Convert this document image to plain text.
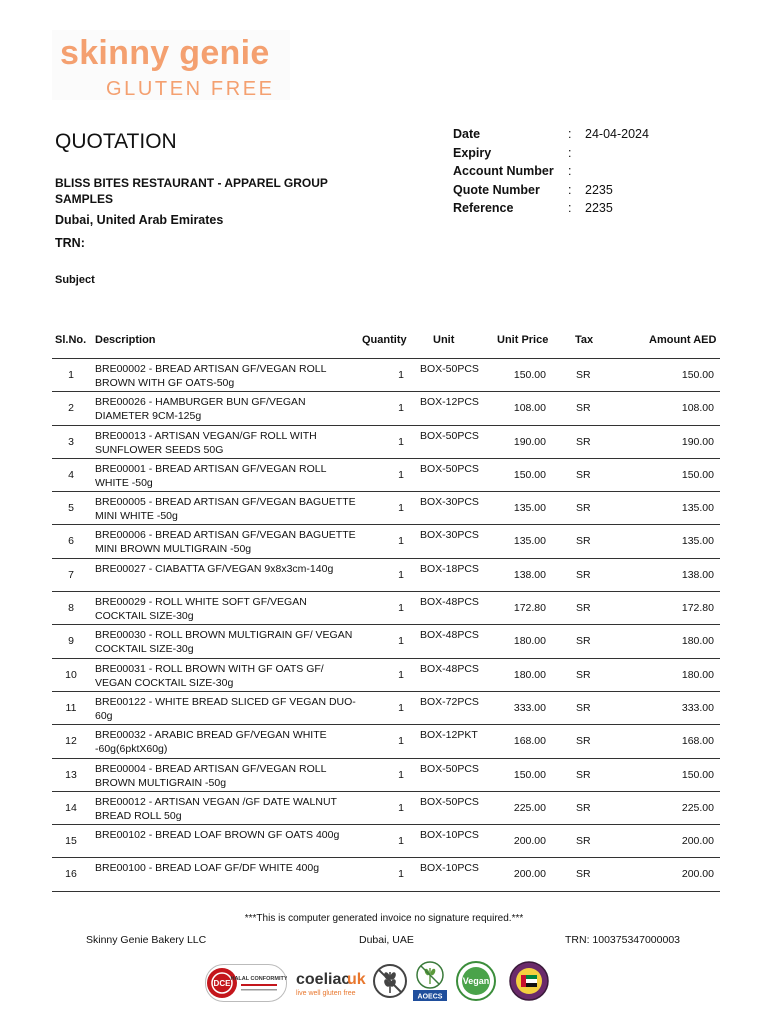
skinny genie
GLUTEN FREE
QUOTATION
BLISS BITES RESTAURANT - APPAREL GROUP SAMPLES
Dubai, United Arab Emirates
TRN:
Subject
Date	: 24-04-2024
Expiry	:
Account Number :
Quote Number : 2235
Reference	: 2235
Sl.No. Description	Quantity Unit	Unit Price Tax	Amount AED
1	BRE00002 - BREAD ARTISAN GF/VEGAN ROLL BROWN WITH GF OATS-50g
1 BOX-50PCS	150.00	SR	150.00
2	BRE00026 - HAMBURGER BUN GF/VEGAN DIAMETER 9CM-125g
1 BOX-12PCS	108.00	SR	108.00
3	BRE00013 - ARTISAN VEGAN/GF ROLL WITH SUNFLOWER SEEDS 50G
1 BOX-50PCS	190.00	SR	190.00
4	BRE00001 - BREAD ARTISAN GF/VEGAN ROLL WHITE -50g
1 BOX-50PCS	150.00	SR	150.00
5	BRE00005 - BREAD ARTISAN GF/VEGAN BAGUETTE MINI WHITE -50g
1 BOX-30PCS	135.00	SR	135.00
6	BRE00006 - BREAD ARTISAN GF/VEGAN BAGUETTE MINI BROWN MULTIGRAIN -50g
1 BOX-30PCS	135.00	SR	135.00
7	BRE00027 - CIABATTA GF/VEGAN 9x8x3cm-140g	1 BOX-18PCS	138.00	SR	138.00
8	BRE00029 - ROLL WHITE SOFT GF/VEGAN COCKTAIL SIZE-30g
1 BOX-48PCS	172.80	SR	172.80
9	BRE00030 - ROLL BROWN MULTIGRAIN GF/ VEGAN COCKTAIL SIZE-30g
1 BOX-48PCS	180.00	SR	180.00
10	BRE00031 - ROLL BROWN WITH GF OATS GF/ VEGAN COCKTAIL SIZE-30g
1 BOX-48PCS	180.00	SR	180.00
11	BRE00122 - WHITE BREAD SLICED GF VEGAN DUO- 60g
1 BOX-72PCS	333.00	SR	333.00
12	BRE00032 - ARABIC BREAD GF/VEGAN WHITE -60g(6pktX60g)
1 BOX-12PKT	168.00	SR	168.00
13	BRE00004 - BREAD ARTISAN GF/VEGAN ROLL BROWN MULTIGRAIN -50g
1 BOX-50PCS	150.00	SR	150.00
14	BRE00012 - ARTISAN VEGAN /GF DATE WALNUT BREAD ROLL 50g
1 BOX-50PCS	225.00	SR	225.00
15	BRE00102 - BREAD LOAF BROWN GF OATS 400g	1 BOX-10PCS	200.00	SR	200.00
16	BRE00100 - BREAD LOAF GF/DF WHITE 400g	1 BOX-10PCS	200.00	SR	200.00
***This is computer generated invoice no signature required.***
Skinny Genie Bakery LLC	Dubai, UAE	TRN: 100375347000003
DCE HALAL CONFORMITY coeliac
uk
live well gluten free	AOECS
Vegan
